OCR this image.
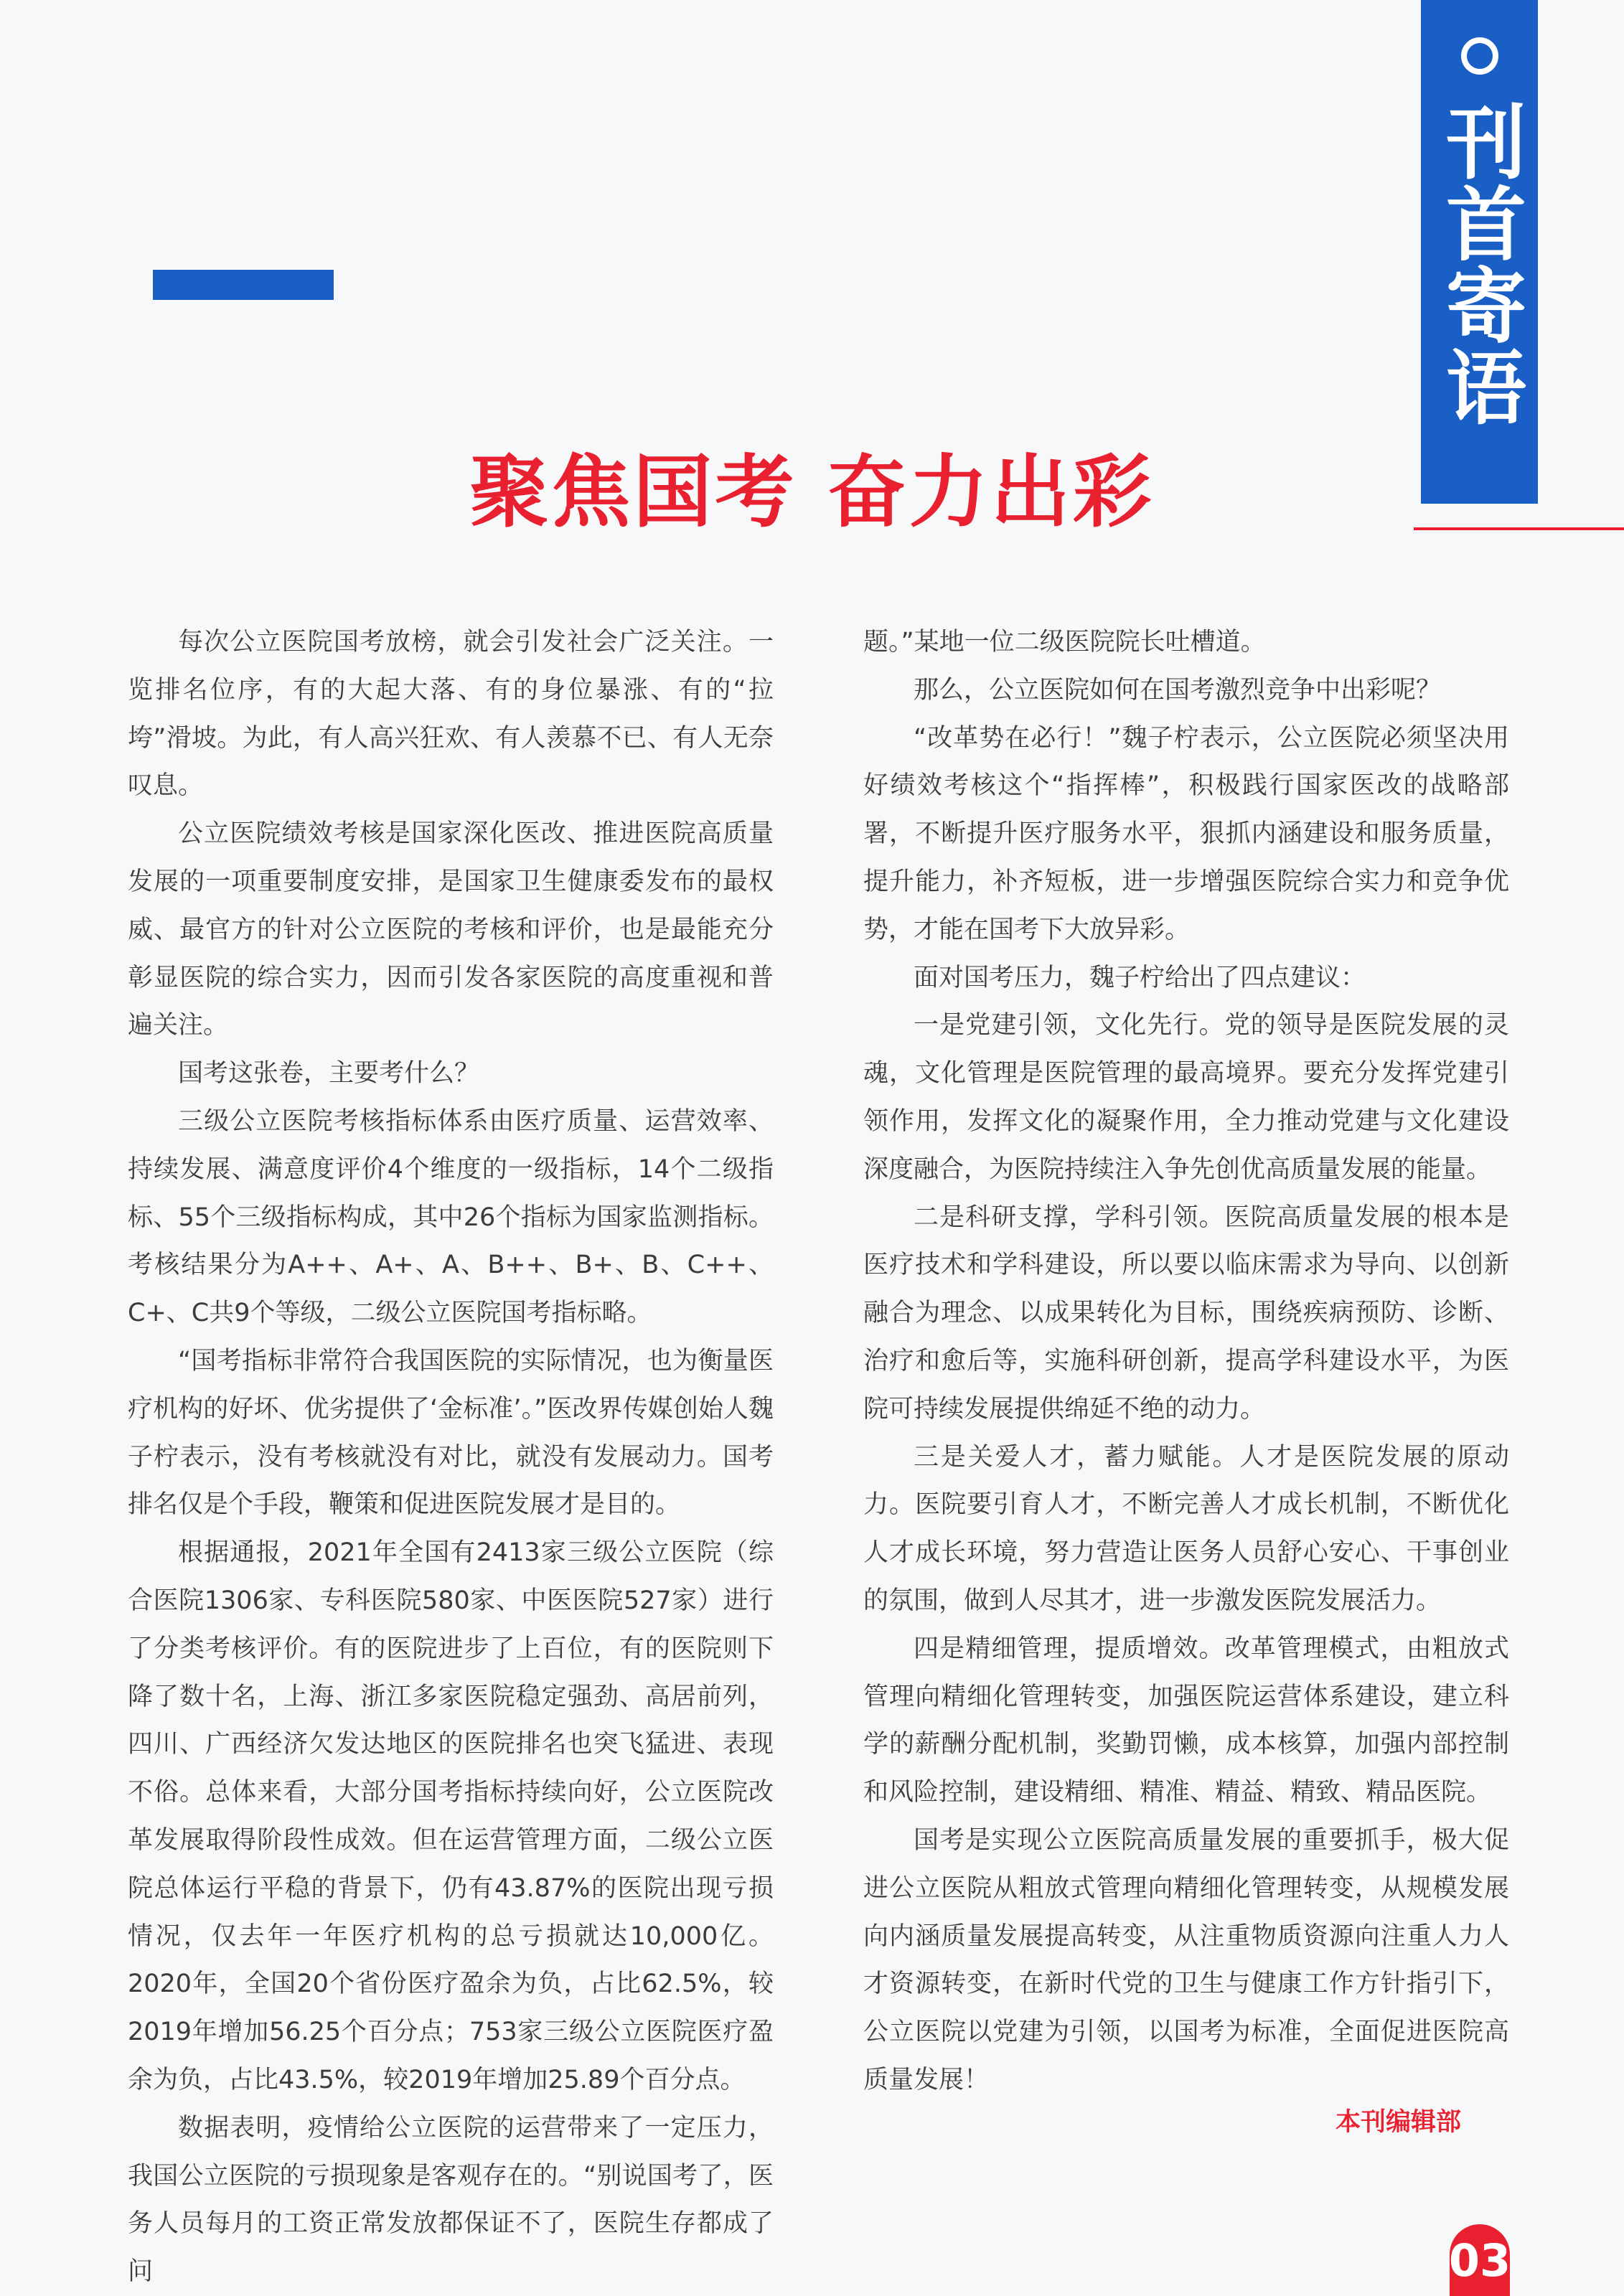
刊首寄语
聚焦国考 奋力出彩

每次公立医院国考放榜，就会引发社会广泛关注。一览排名位序，有的大起大落、有的身位暴涨、有的“拉垮”滑坡。为此，有人高兴狂欢、有人羡慕不已、有人无奈叹息。

公立医院绩效考核是国家深化医改、推进医院高质量发展的一项重要制度安排，是国家卫生健康委发布的最权威、最官方的针对公立医院的考核和评价，也是最能充分彰显医院的综合实力，因而引发各家医院的高度重视和普遍关注。

国考这张卷，主要考什么？

三级公立医院考核指标体系由医疗质量、运营效率、持续发展、满意度评价4个维度的一级指标，14个二级指标、55个三级指标构成，其中26个指标为国家监测指标。考核结果分为A++、A+、A、B++、B+、B、C++、C+、C共9个等级，二级公立医院国考指标略。

“国考指标非常符合我国医院的实际情况，也为衡量医疗机构的好坏、优劣提供了‘金标准’。”医改界传媒创始人魏子柠表示，没有考核就没有对比，就没有发展动力。国考排名仅是个手段，鞭策和促进医院发展才是目的。

根据通报，2021年全国有2413家三级公立医院（综合医院1306家、专科医院580家、中医医院527家）进行了分类考核评价。有的医院进步了上百位，有的医院则下降了数十名，上海、浙江多家医院稳定强劲、高居前列，四川、广西经济欠发达地区的医院排名也突飞猛进、表现不俗。总体来看，大部分国考指标持续向好，公立医院改革发展取得阶段性成效。但在运营管理方面，二级公立医院总体运行平稳的背景下，仍有43.87%的医院出现亏损情况，仅去年一年医疗机构的总亏损就达10,000亿。2020年，全国20个省份医疗盈余为负，占比62.5%，较2019年增加56.25个百分点；753家三级公立医院医疗盈余为负，占比43.5%，较2019年增加25.89个百分点。

数据表明，疫情给公立医院的运营带来了一定压力，我国公立医院的亏损现象是客观存在的。“别说国考了，医务人员每月的工资正常发放都保证不了，医院生存都成了问

题。”某地一位二级医院院长吐槽道。

那么，公立医院如何在国考激烈竞争中出彩呢？

“改革势在必行！”魏子柠表示，公立医院必须坚决用好绩效考核这个“指挥棒”，积极践行国家医改的战略部署，不断提升医疗服务水平，狠抓内涵建设和服务质量，提升能力，补齐短板，进一步增强医院综合实力和竞争优势，才能在国考下大放异彩。

面对国考压力，魏子柠给出了四点建议：

一是党建引领，文化先行。党的领导是医院发展的灵魂，文化管理是医院管理的最高境界。要充分发挥党建引领作用，发挥文化的凝聚作用，全力推动党建与文化建设深度融合，为医院持续注入争先创优高质量发展的能量。

二是科研支撑，学科引领。医院高质量发展的根本是医疗技术和学科建设，所以要以临床需求为导向、以创新融合为理念、以成果转化为目标，围绕疾病预防、诊断、治疗和愈后等，实施科研创新，提高学科建设水平，为医院可持续发展提供绵延不绝的动力。

三是关爱人才，蓄力赋能。人才是医院发展的原动力。医院要引育人才，不断完善人才成长机制，不断优化人才成长环境，努力营造让医务人员舒心安心、干事创业的氛围，做到人尽其才，进一步激发医院发展活力。

四是精细管理，提质增效。改革管理模式，由粗放式管理向精细化管理转变，加强医院运营体系建设，建立科学的薪酬分配机制，奖勤罚懒，成本核算，加强内部控制和风险控制，建设精细、精准、精益、精致、精品医院。

国考是实现公立医院高质量发展的重要抓手，极大促进公立医院从粗放式管理向精细化管理转变，从规模发展向内涵质量发展提高转变，从注重物质资源向注重人力人才资源转变，在新时代党的卫生与健康工作方针指引下，公立医院以党建为引领，以国考为标准，全面促进医院高质量发展！

本刊编辑部
03
